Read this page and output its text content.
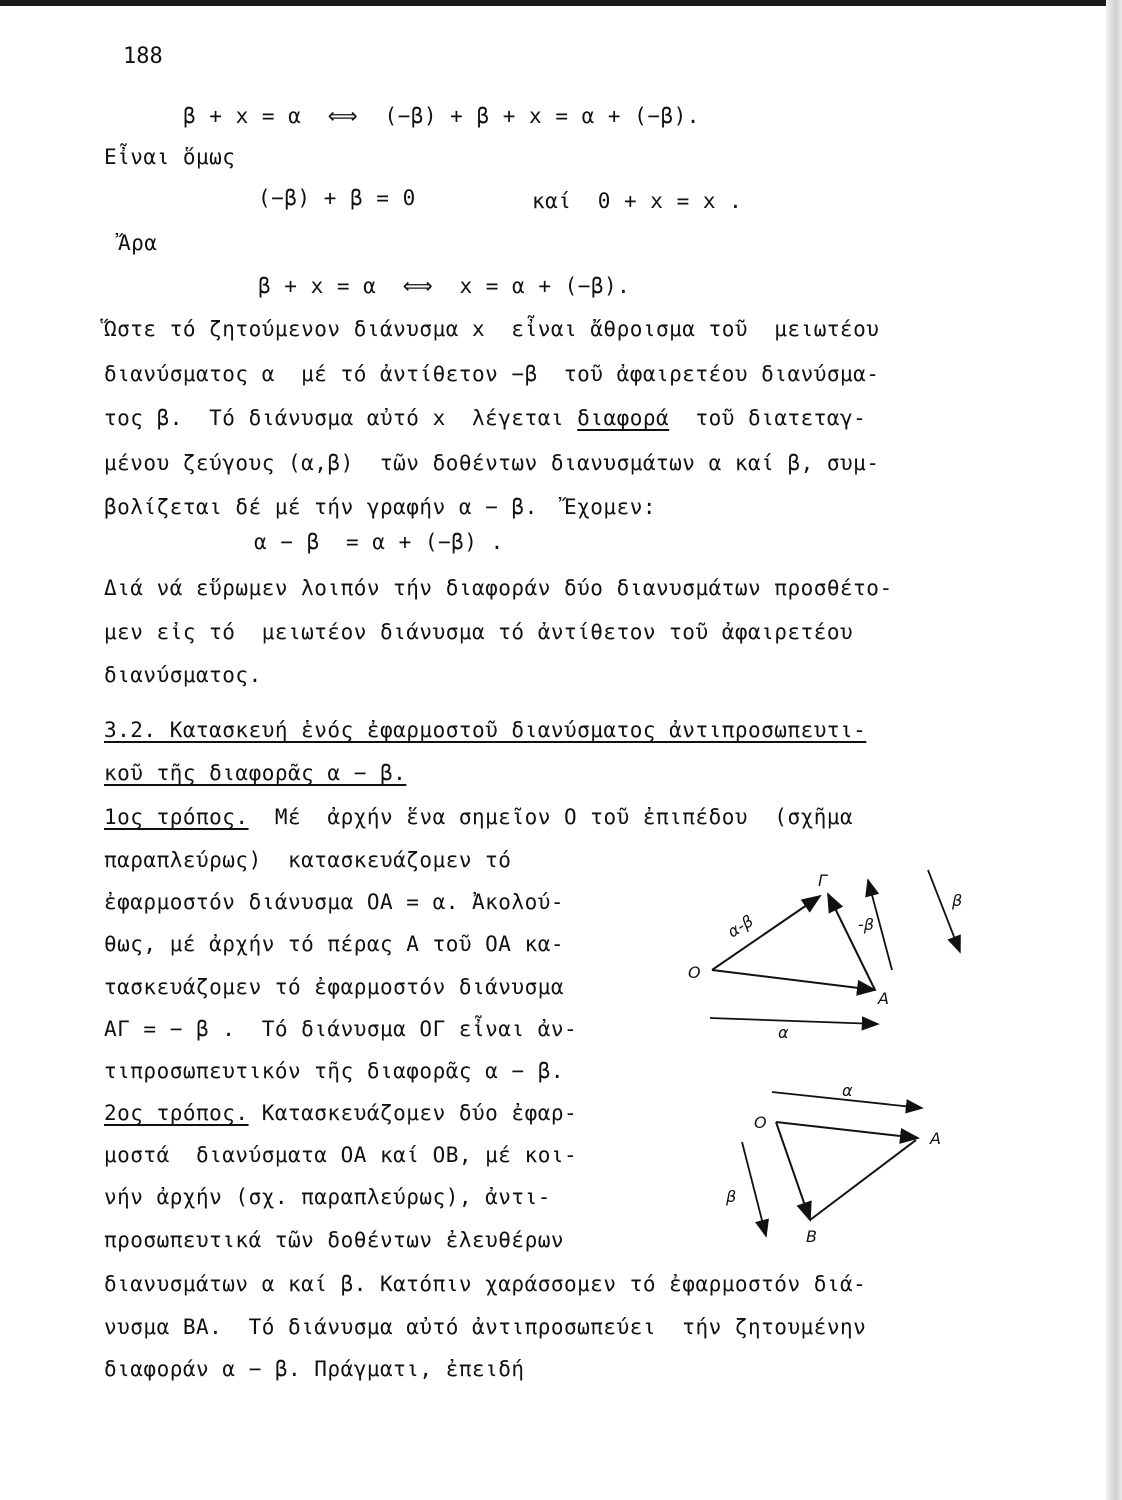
188
β + x = α  ⟺  (−β) + β + x = α + (−β).
Εἶναι ὅμως
(−β) + β = 0	καί  0 + x = x .
Ἄρα
β + x = α  ⟺  x = α + (−β).
Ὥστε τό ζητούμενον διάνυσμα x  εἶναι ἄθροισμα τοῦ  μειωτέου
διανύσματος α  μέ τό ἀντίθετον −β  τοῦ ἀφαιρετέου διανύσμα-
τος β.  Τό διάνυσμα αὐτό x  λέγεται διαφορά  τοῦ διατεταγ-
μένου ζεύγους (α,β)  τῶν δοθέντων διανυσμάτων α καί β, συμ-
βολίζεται δέ μέ τήν γραφήν α − β.  Ἔχομεν:
α − β  = α + (−β) .
Διά νά εὕρωμεν λοιπόν τήν διαφοράν δύο διανυσμάτων προσθέτο-
μεν εἰς τό  μειωτέον διάνυσμα τό ἀντίθετον τοῦ ἀφαιρετέου
διανύσματος.
3.2. Κατασκευή ἑνός ἐφαρμοστοῦ διανύσματος ἀντιπροσωπευτι-
κοῦ τῆς διαφορᾶς α − β.
1ος τρόπος.  Μέ  ἀρχήν ἕνα σημεῖον Ο τοῦ ἐπιπέδου  (σχῆμα
παραπλεύρως)  κατασκευάζομεν τό
ἐφαρμοστόν διάνυσμα ΟΑ = α. Ἀκολού-
θως, μέ ἀρχήν τό πέρας Α τοῦ ΟΑ κα-
τασκευάζομεν τό ἐφαρμοστόν διάνυσμα
ΑΓ = − β .  Τό διάνυσμα ΟΓ εἶναι ἀν-
τιπροσωπευτικόν τῆς διαφορᾶς α − β.
2ος τρόπος. Κατασκευάζομεν δύο ἐφαρ-
μοστά  διανύσματα ΟΑ καί ΟΒ, μέ κοι-
νήν ἀρχήν (σχ. παραπλεύρως), ἀντι-
προσωπευτικά τῶν δοθέντων ἐλευθέρων
διανυσμάτων α καί β. Κατόπιν χαράσσομεν τό ἐφαρμοστόν διά-
νυσμα ΒΑ.  Τό διάνυσμα αὐτό ἀντιπροσωπεύει  τήν ζητουμένην
διαφοράν α − β. Πράγματι, ἐπειδή
O
A
Γ
α-β
α
-β
β
O
A
B
α
β
